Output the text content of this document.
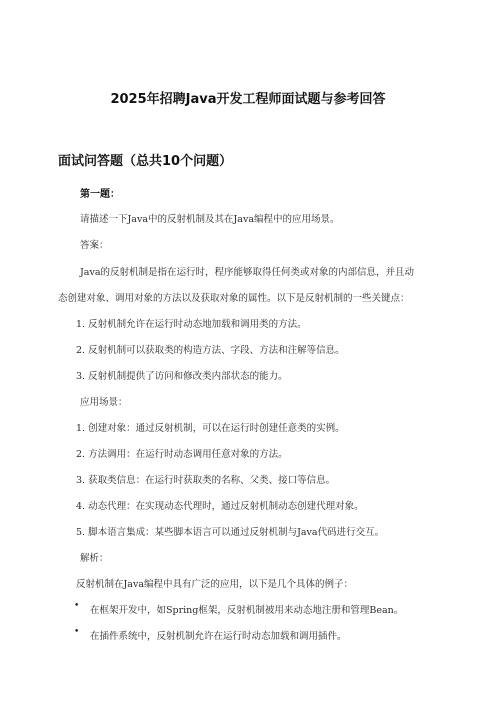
2025年招聘Java开发工程师面试题与参考回答
面试问答题（总共10个问题）
第一题：
请描述一下Java中的反射机制及其在Java编程中的应用场景。
答案：
Java的反射机制是指在运行时，程序能够取得任何类或对象的内部信息，并且动
态创建对象、调用对象的方法以及获取对象的属性。以下是反射机制的一些关键点：
1. 反射机制允许在运行时动态地加载和调用类的方法。
2. 反射机制可以获取类的构造方法、字段、方法和注解等信息。
3. 反射机制提供了访问和修改类内部状态的能力。
应用场景：
1. 创建对象：通过反射机制，可以在运行时创建任意类的实例。
2. 方法调用：在运行时动态调用任意对象的方法。
3. 获取类信息：在运行时获取类的名称、父类、接口等信息。
4. 动态代理：在实现动态代理时，通过反射机制动态创建代理对象。
5. 脚本语言集成：某些脚本语言可以通过反射机制与Java代码进行交互。
解析：
反射机制在Java编程中具有广泛的应用，以下是几个具体的例子：
• 在框架开发中，如Spring框架，反射机制被用来动态地注册和管理Bean。
• 在插件系统中，反射机制允许在运行时动态加载和调用插件。
